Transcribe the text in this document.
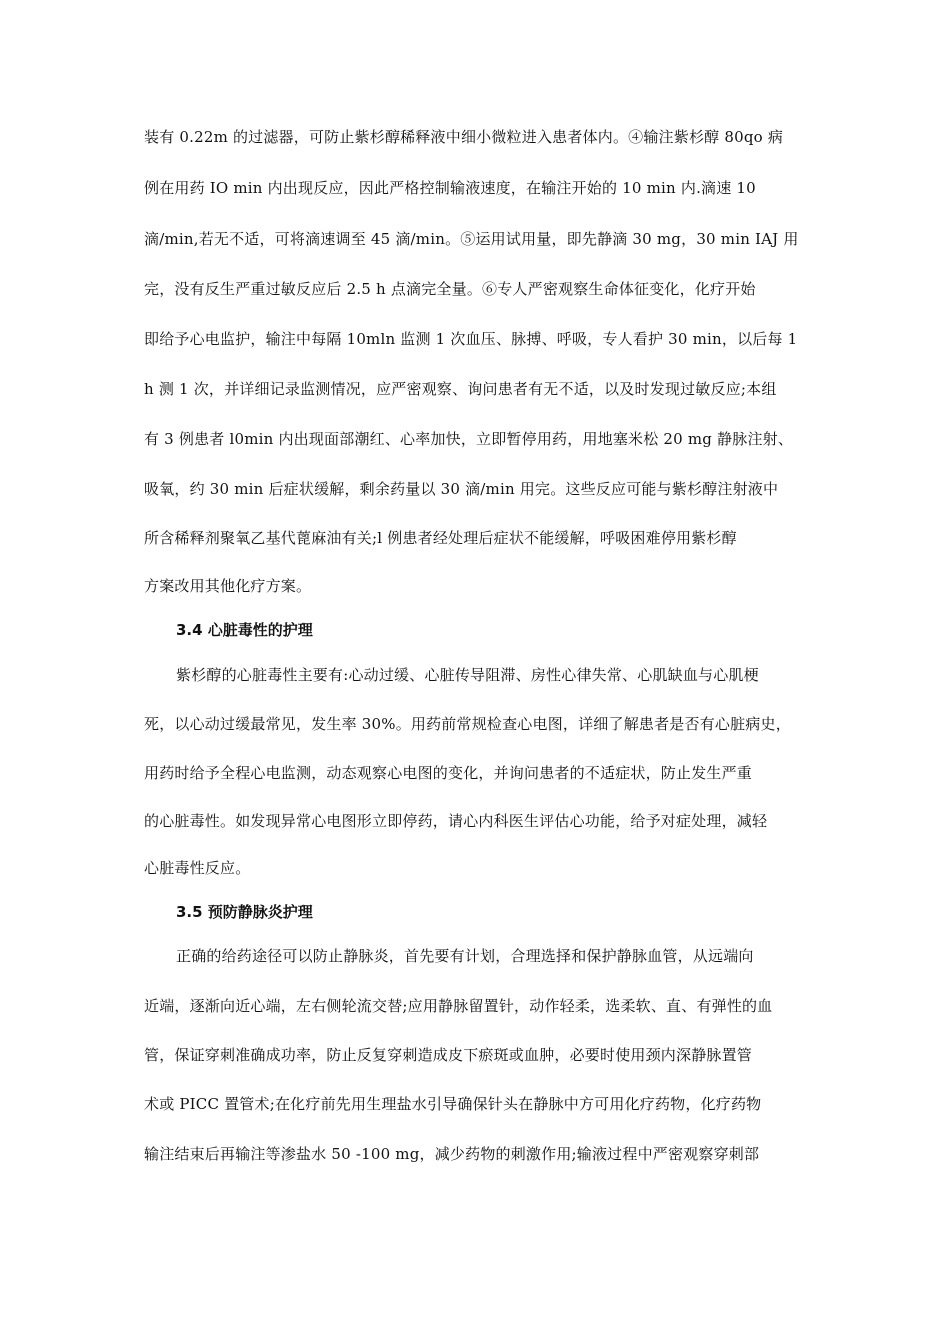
装有 0.22m 的过滤器，可防止紫杉醇稀释液中细小微粒进入患者体内。④输注紫杉醇 80qo 病
例在用药 IO min 内出现反应，因此严格控制输液速度，在输注开始的 10 min 内.滴速 10
滴/min,若无不适，可将滴速调至 45 滴/min。⑤运用试用量，即先静滴 30 mg，30 min IAJ 用
完，没有反生严重过敏反应后 2.5 h 点滴完全量。⑥专人严密观察生命体征变化，化疗开始
即给予心电监护，输注中每隔 10mln 监测 1 次血压、脉搏、呼吸，专人看护 30 min，以后每 1
h 测 1 次，并详细记录监测情况，应严密观察、询问患者有无不适，以及时发现过敏反应;本组
有 3 例患者 l0min 内出现面部潮红、心率加快，立即暂停用药，用地塞米松 20 mg 静脉注射、
吸氧，约 30 min 后症状缓解，剩余药量以 30 滴/min 用完。这些反应可能与紫杉醇注射液中
所含稀释剂聚氧乙基代蓖麻油有关;l 例患者经处理后症状不能缓解，呼吸困难停用紫杉醇
方案改用其他化疗方案。
3.4 心脏毒性的护理
紫杉醇的心脏毒性主要有:心动过缓、心脏传导阻滞、房性心律失常、心肌缺血与心肌梗
死，以心动过缓最常见，发生率 30%。用药前常规检查心电图，详细了解患者是否有心脏病史，
用药时给予全程心电监测，动态观察心电图的变化，并询问患者的不适症状，防止发生严重
的心脏毒性。如发现异常心电图形立即停药，请心内科医生评估心功能，给予对症处理，减轻
心脏毒性反应。
3.5 预防静脉炎护理
正确的给药途径可以防止静脉炎，首先要有计划，合理选择和保护静脉血管，从远端向
近端，逐渐向近心端，左右侧轮流交替;应用静脉留置针，动作轻柔，选柔软、直、有弹性的血
管，保证穿刺准确成功率，防止反复穿刺造成皮下瘀斑或血肿，必要时使用颈内深静脉置管
术或 PICC 置管术;在化疗前先用生理盐水引导确保针头在静脉中方可用化疗药物，化疗药物
输注结束后再输注等渗盐水 50 -100 mg，减少药物的刺激作用;输液过程中严密观察穿刺部
